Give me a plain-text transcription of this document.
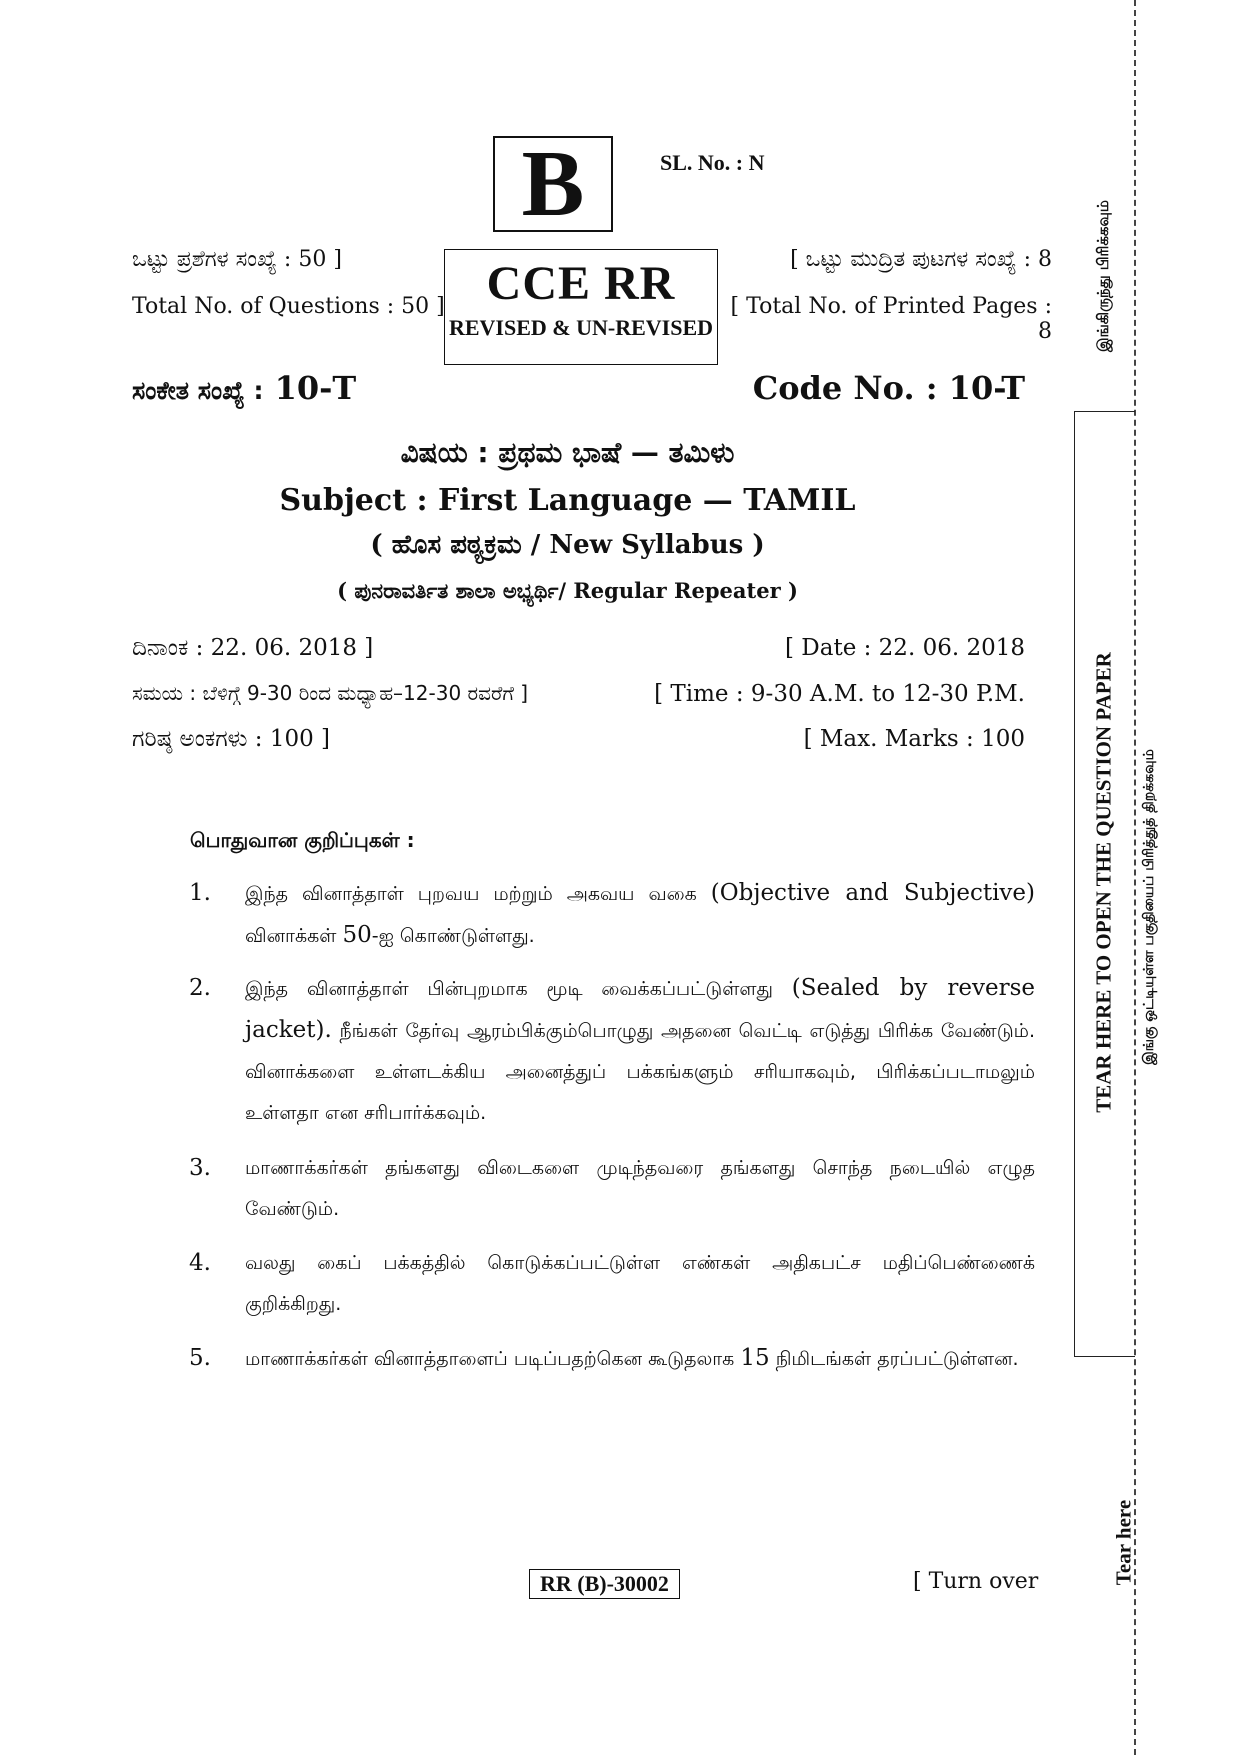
B	SL. No. : N
CCE RR
REVISED & UN-REVISED
ಒಟ್ಟು ಪ್ರಶೆಗಳ ಸಂಖ್ಯೆ : 50 ]
Total No. of Questions : 50 ]
[ ಒಟ್ಟು ಮುದ್ರಿತ ಪುಟಗಳ ಸಂಖ್ಯೆ : 8
[ Total No. of Printed Pages : 8
ಸಂಕೇತ ಸಂಖ್ಯೆ : 10-T	Code No. : 10-T
ವಿಷಯ : ಪ್ರಥಮ ಭಾಷೆ — ತಮಿಳು
Subject : First Language — TAMIL
( ಹೊಸ ಪಠ್ಯಕ್ರಮ / New Syllabus )
( ಪುನರಾವರ್ತಿತ ಶಾಲಾ ಅಭ್ಯರ್ಥಿ/ Regular Repeater )
ದಿನಾಂಕ : 22. 06. 2018 ]	[ Date : 22. 06. 2018
ಸಮಯ : ಬೆಳಿಗ್ಗೆ 9-30 ರಿಂದ ಮಧ್ಯಾಹ–12-30 ರವರೆಗೆ ]	[ Time : 9-30 A.M. to 12-30 P.M.
ಗರಿಷ್ಠ ಅಂಕಗಳು : 100 ]	[ Max. Marks : 100
பொதுவான குறிப்புகள் :
1. இந்த வினாத்தாள் புறவய மற்றும் அகவய வகை (Objective and Subjective) வினாக்கள் 50-ஐ கொண்டுள்ளது.
2. இந்த வினாத்தாள் பின்புறமாக மூடி வைக்கப்பட்டுள்ளது (Sealed by reverse jacket). நீங்கள் தேர்வு ஆரம்பிக்கும்பொழுது அதனை வெட்டி எடுத்து பிரிக்க வேண்டும். வினாக்களை உள்ளடக்கிய அனைத்துப் பக்கங்களும் சரியாகவும், பிரிக்கப்படாமலும் உள்ளதா என சரிபார்க்கவும்.
3. மாணாக்கர்கள் தங்களது விடைகளை முடிந்தவரை தங்களது சொந்த நடையில் எழுத வேண்டும்.
4. வலது கைப் பக்கத்தில் கொடுக்கப்பட்டுள்ள எண்கள் அதிகபட்ச மதிப்பெண்ணைக் குறிக்கிறது.
5. மாணாக்கர்கள் வினாத்தாளைப் படிப்பதற்கென கூடுதலாக 15 நிமிடங்கள் தரப்பட்டுள்ளன.
RR (B)-30002	[ Turn over
இங்கிருந்து பிரிக்கவும்
TEAR HERE TO OPEN THE QUESTION PAPER இங்கு ஒட்டியுள்ள பகுதியைப் பிரித்துத் திறக்கவும்
Tear here
